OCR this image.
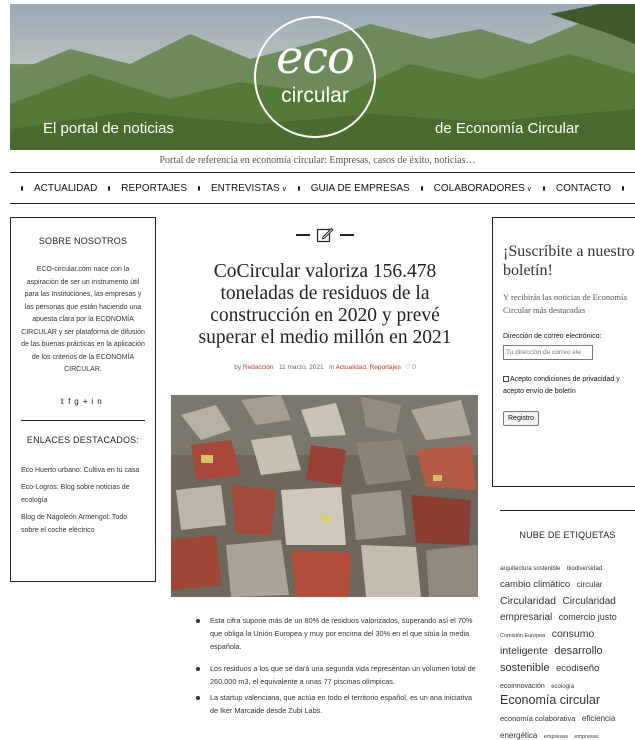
eco
circular
El portal de noticias	de Economía Circular
Portal de referencia en economía circular: Empresas, casos de éxito, noticias…
ACTUALIDAD REPORTAJES ENTREVISTAS ∨ GUIA DE EMPRESAS COLABORADORES ∨ CONTACTO
SOBRE NOSOTROS

ECO-circular.com nace con la aspiración de ser un instrumento útil para las Instituciones, las empresas y las personas que están haciendo una apuesta clara por la ECONOMÍA CIRCULAR y ser plataforma de difusión de las buenas prácticas en la aplicación de los criterios de la ECONOMÍA CIRCULAR.

𝕥fg+in
ENLACES DESTACADOS:
Eco Huerto urbano: Cultiva en tu casa
Eco-Logros: Blog sobre noticias de ecología
Blog de Nagoleón Armengol: Todo sobre el coche eléctrico
CoCircular valoriza 156.478 toneladas de residuos de la construcción en 2020 y prevé superar el medio millón en 2021
by Redacción 11 marzo, 2021 in Actualidad, Reportajes ♡ 0
Esta cifra supone más de un 80% de residuos valorizados, superando así el 70% que obliga la Unión Europea y muy por encima del 30% en el que sitúa la media española.
Los residuos a los que se dará una segunda vida representan un volumen total de 260.000 m3, el equivalente a unas 77 piscinas olímpicas.
La startup valenciana, que actúa en todo el territorio español, es un ana iniciativa de Iker Marcaide desde Zubi Labs.
¡Suscríbite a nuestro boletín!

Y recibirás las noticias de Economía Circular más destacadas

Dirección de correo electrónico:
Tu dirección de correo ele
Acepto condiciones de privacidad y acepto envío de boletín
Registro
NUBE DE ETIQUETAS
arquitectura sostenible biodiversidad cambio climático circular Circularidad Circularidad empresarial comercio justo Comisión Europea consumo inteligente desarrollo sostenible ecodiseño ecoinnovación ecología Economía circular economía colaborativa eficiencia energética empresas empresas
